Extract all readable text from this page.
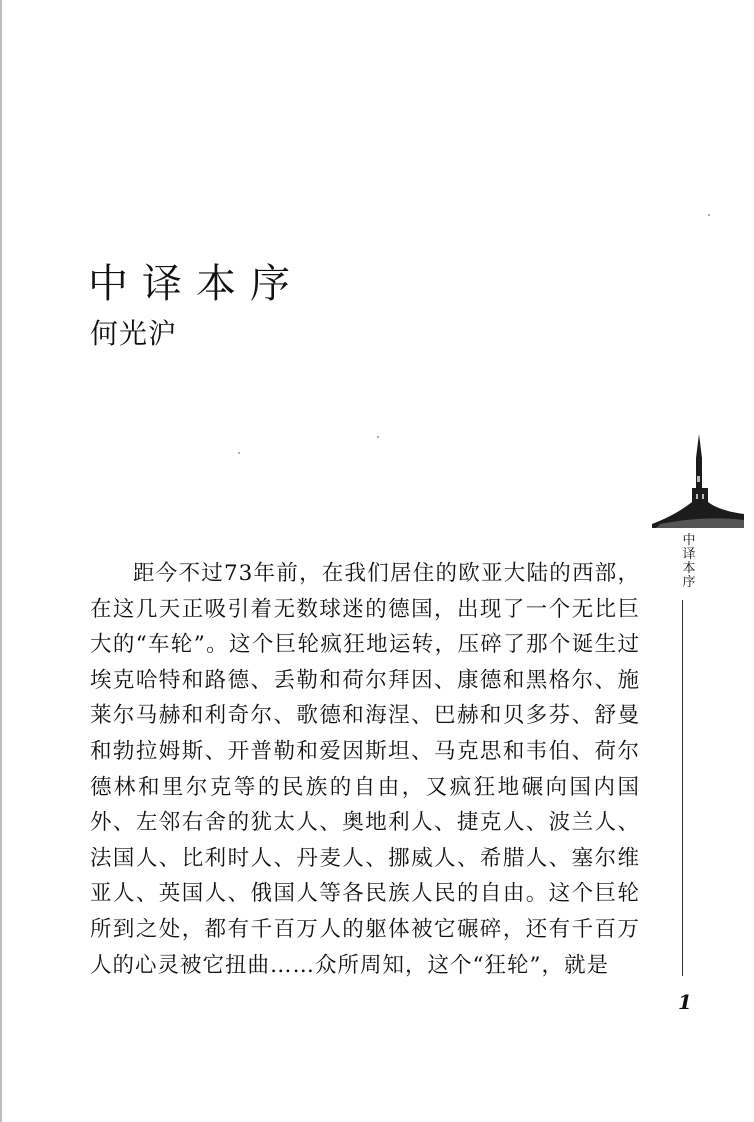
中译本序
何光沪

距今不过73年前，在我们居住的欧亚大陆的西部，在这几天正吸引着无数球迷的德国，出现了一个无比巨大的“车轮”。这个巨轮疯狂地运转，压碎了那个诞生过埃克哈特和路德、丢勒和荷尔拜因、康德和黑格尔、施莱尔马赫和利奇尔、歌德和海涅、巴赫和贝多芬、舒曼和勃拉姆斯、开普勒和爱因斯坦、马克思和韦伯、荷尔德林和里尔克等的民族的自由，又疯狂地碾向国内国外、左邻右舍的犹太人、奥地利人、捷克人、波兰人、法国人、比利时人、丹麦人、挪威人、希腊人、塞尔维亚人、英国人、俄国人等各民族人民的自由。这个巨轮所到之处，都有千百万人的躯体被它碾碎，还有千百万人的心灵被它扭曲……众所周知，这个“狂轮”，就是

中译本序
1
